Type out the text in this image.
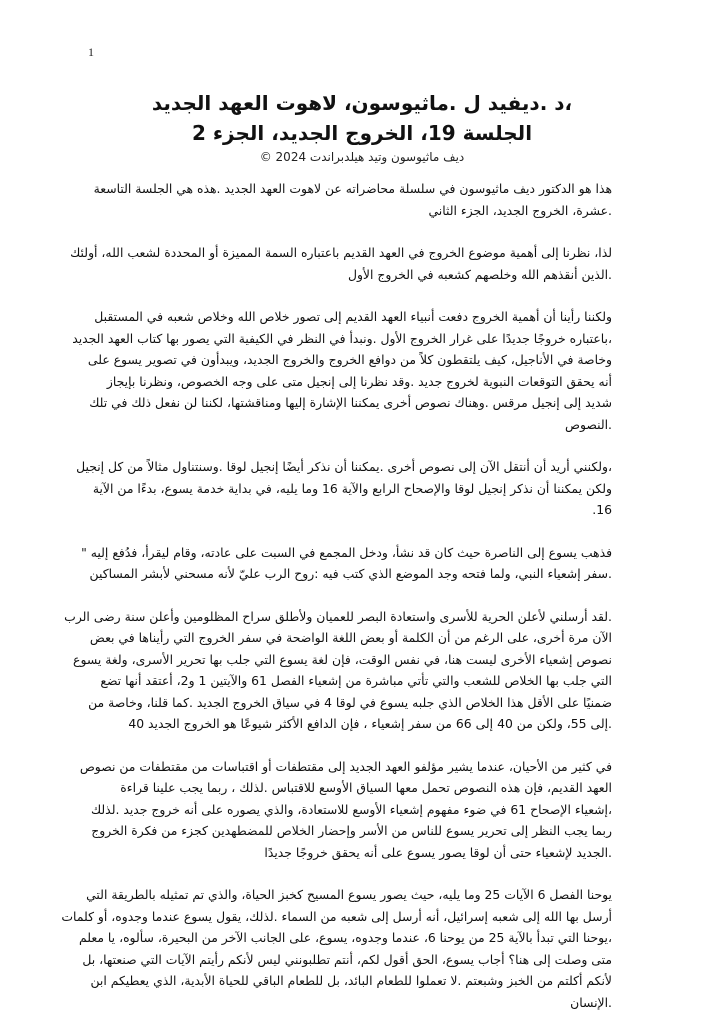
1

،د .ديفيد ل .ماثيوسون، لاهوت العهد الجديد

الجلسة 19، الخروج الجديد، الجزء 2

ديف ماثيوسون وتيد هيلدبراندت 2024 ©

هذا هو الدكتور ديف ماثيوسون في سلسلة محاضراته عن لاهوت العهد الجديد .هذه هي الجلسة التاسعة
.عشرة، الخروج الجديد، الجزء الثاني

لذا، نظرنا إلى أهمية موضوع الخروج في العهد القديم باعتباره السمة المميزة أو المحددة لشعب الله، أولئك
.الذين أنقذهم الله وخلصهم كشعبه في الخروج الأول

ولكننا رأينا أن أهمية الخروج دفعت أنبياء العهد القديم إلى تصور خلاص الله وخلاص شعبه في المستقبل
،باعتباره خروجًا جديدًا على غرار الخروج الأول .ونبدأ في النظر في الكيفية التي يصور بها كتاب العهد الجديد
وخاصة في الأناجيل، كيف يلتقطون كلاً من دوافع الخروج والخروج الجديد، ويبدأون في تصوير يسوع على
أنه يحقق التوقعات النبوية لخروج جديد .وقد نظرنا إلى إنجيل متى على وجه الخصوص، ونظرنا بإيجاز
شديد إلى إنجيل مرقس .وهناك نصوص أخرى يمكننا الإشارة إليها ومناقشتها، لكننا لن نفعل ذلك في تلك
.النصوص

،ولكنني أريد أن أنتقل الآن إلى نصوص أخرى .يمكننا أن نذكر أيضًا إنجيل لوقا .وسنتناول مثالاً من كل إنجيل
ولكن يمكننا أن نذكر إنجيل لوقا والإصحاح الرابع والآية 16 وما يليه، في بداية خدمة يسوع، بدءًا من الآية
16.

فذهب يسوع إلى الناصرة حيث كان قد نشأ، ودخل المجمع في السبت على عادته، وقام ليقرأ، فدُفع إليه "
.سفر إشعياء النبي، ولما فتحه وجد الموضع الذي كتب فيه :روح الرب عليّ لأنه مسحني لأبشر المساكين

.لقد أرسلني لأعلن الحرية للأسرى واستعادة البصر للعميان ولأطلق سراح المظلومين وأعلن سنة رضى الرب
الآن مرة أخرى، على الرغم من أن الكلمة أو بعض اللغة الواضحة في سفر الخروج التي رأيناها في بعض
نصوص إشعياء الأخرى ليست هنا، في نفس الوقت، فإن لغة يسوع التي جلب بها تحرير الأسرى، ولغة يسوع
التي جلب بها الخلاص للشعب والتي تأتي مباشرة من إشعياء الفصل 61 والآيتين 1 و2، أعتقد أنها تضع
ضمنيًا على الأقل هذا الخلاص الذي جلبه يسوع في لوقا 4 في سياق الخروج الجديد .كما قلنا، وخاصة من
.إلى 55، ولكن من 40 إلى 66 من سفر إشعياء ، فإن الدافع الأكثر شيوعًا هو الخروج الجديد 40

في كثير من الأحيان، عندما يشير مؤلفو العهد الجديد إلى مقتطفات أو اقتباسات من مقتطفات من نصوص
العهد القديم، فإن هذه النصوص تحمل معها السياق الأوسع للاقتباس .لذلك ، ربما يجب علينا قراءة
،إشعياء الإصحاح 61 في ضوء مفهوم إشعياء الأوسع للاستعادة، والذي يصوره على أنه خروج جديد .لذلك
ربما يجب النظر إلى تحرير يسوع للناس من الأسر وإحضار الخلاص للمضطهدين كجزء من فكرة الخروج
.الجديد لإشعياء حتى أن لوقا يصور يسوع على أنه يحقق خروجًا جديدًا

يوحنا الفصل 6 الآيات 25 وما يليه، حيث يصور يسوع المسيح كخبز الحياة، والذي تم تمثيله بالطريقة التي
أرسل بها الله إلى شعبه إسرائيل، أنه أرسل إلى شعبه من السماء .لذلك، يقول يسوع عندما وجدوه، أو كلمات
،يوحنا التي تبدأ بالآية 25 من يوحنا 6، عندما وجدوه، يسوع، على الجانب الآخر من البحيرة، سألوه، يا معلم
متى وصلت إلى هنا؟ أجاب يسوع، الحق أقول لكم، أنتم تطلبونني ليس لأنكم رأيتم الآيات التي صنعتها، بل
لأنكم أكلتم من الخبز وشبعتم .لا تعملوا للطعام البائد، بل للطعام الباقي للحياة الأبدية، الذي يعطيكم ابن
.الإنسان
